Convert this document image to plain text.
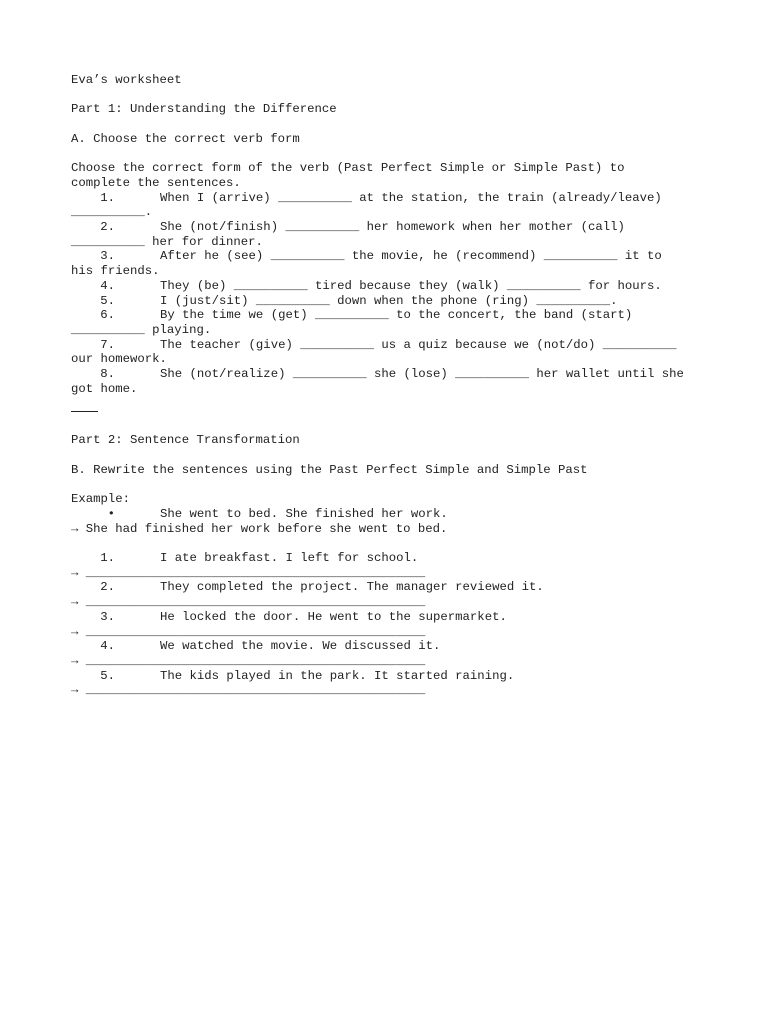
Eva’s worksheet

Part 1: Understanding the Difference

A. Choose the correct verb form

Choose the correct form of the verb (Past Perfect Simple or Simple Past) to

complete the sentences.

1.	When I (arrive) __________ at the station, the train (already/leave)
__________.
2.	She (not/finish) __________ her homework when her mother (call)
__________ her for dinner.
3.	After he (see) __________ the movie, he (recommend) __________ it to
his friends.
4.	They (be) __________ tired because they (walk) __________ for hours.
5.	I (just/sit) __________ down when the phone (ring) __________.
6.	By the time we (get) __________ to the concert, the band (start)
__________ playing.
7.	The teacher (give) __________ us a quiz because we (not/do) __________
our homework.
8.	She (not/realize) __________ she (lose) __________ her wallet until she
got home.

Part 2: Sentence Transformation

B. Rewrite the sentences using the Past Perfect Simple and Simple Past

Example:

•	She went to bed. She finished her work.

→ She had finished her work before she went to bed.

1.	I ate breakfast. I left for school.
→ ______________________________________________
2.	They completed the project. The manager reviewed it.
→ ______________________________________________
3.	He locked the door. He went to the supermarket.
→ ______________________________________________
4.	We watched the movie. We discussed it.
→ ______________________________________________
5.	The kids played in the park. It started raining.
→ ______________________________________________
